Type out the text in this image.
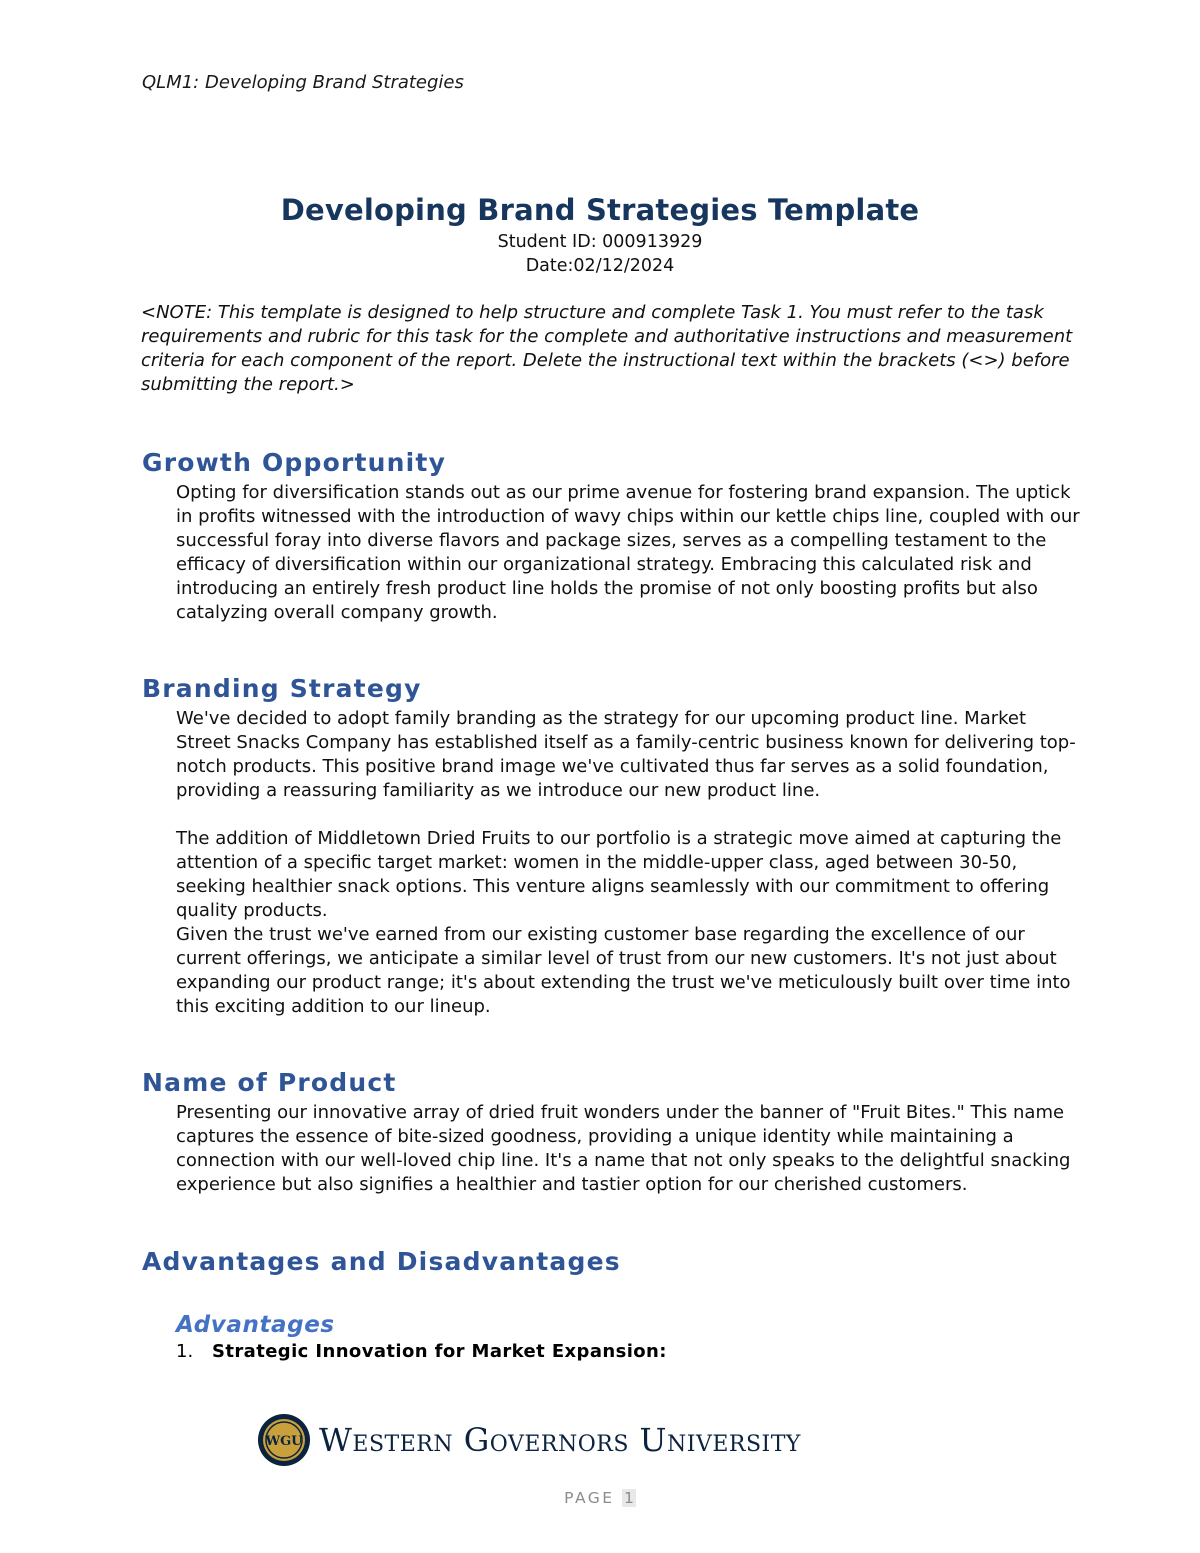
QLM1: Developing Brand Strategies
Developing Brand Strategies Template
Student ID: 000913929
Date:02/12/2024

<NOTE: This template is designed to help structure and complete Task 1. You must refer to the task requirements and rubric for this task for the complete and authoritative instructions and measurement criteria for each component of the report. Delete the instructional text within the brackets (<>) before submitting the report.>

Growth Opportunity

Opting for diversification stands out as our prime avenue for fostering brand expansion. The uptick in profits witnessed with the introduction of wavy chips within our kettle chips line, coupled with our successful foray into diverse flavors and package sizes, serves as a compelling testament to the efficacy of diversification within our organizational strategy. Embracing this calculated risk and introducing an entirely fresh product line holds the promise of not only boosting profits but also catalyzing overall company growth.

Branding Strategy

We've decided to adopt family branding as the strategy for our upcoming product line. Market Street Snacks Company has established itself as a family-centric business known for delivering top-notch products. This positive brand image we've cultivated thus far serves as a solid foundation, providing a reassuring familiarity as we introduce our new product line.

The addition of Middletown Dried Fruits to our portfolio is a strategic move aimed at capturing the attention of a specific target market: women in the middle-upper class, aged between 30-50, seeking healthier snack options. This venture aligns seamlessly with our commitment to offering quality products.

Given the trust we've earned from our existing customer base regarding the excellence of our current offerings, we anticipate a similar level of trust from our new customers. It's not just about expanding our product range; it's about extending the trust we've meticulously built over time into this exciting addition to our lineup.

Name of Product

Presenting our innovative array of dried fruit wonders under the banner of "Fruit Bites." This name captures the essence of bite-sized goodness, providing a unique identity while maintaining a connection with our well-loved chip line. It's a name that not only speaks to the delightful snacking experience but also signifies a healthier and tastier option for our cherished customers.

Advantages and Disadvantages
Advantages
1. Strategic Innovation for Market Expansion:
WGU Western Governors University
PAGE 1
